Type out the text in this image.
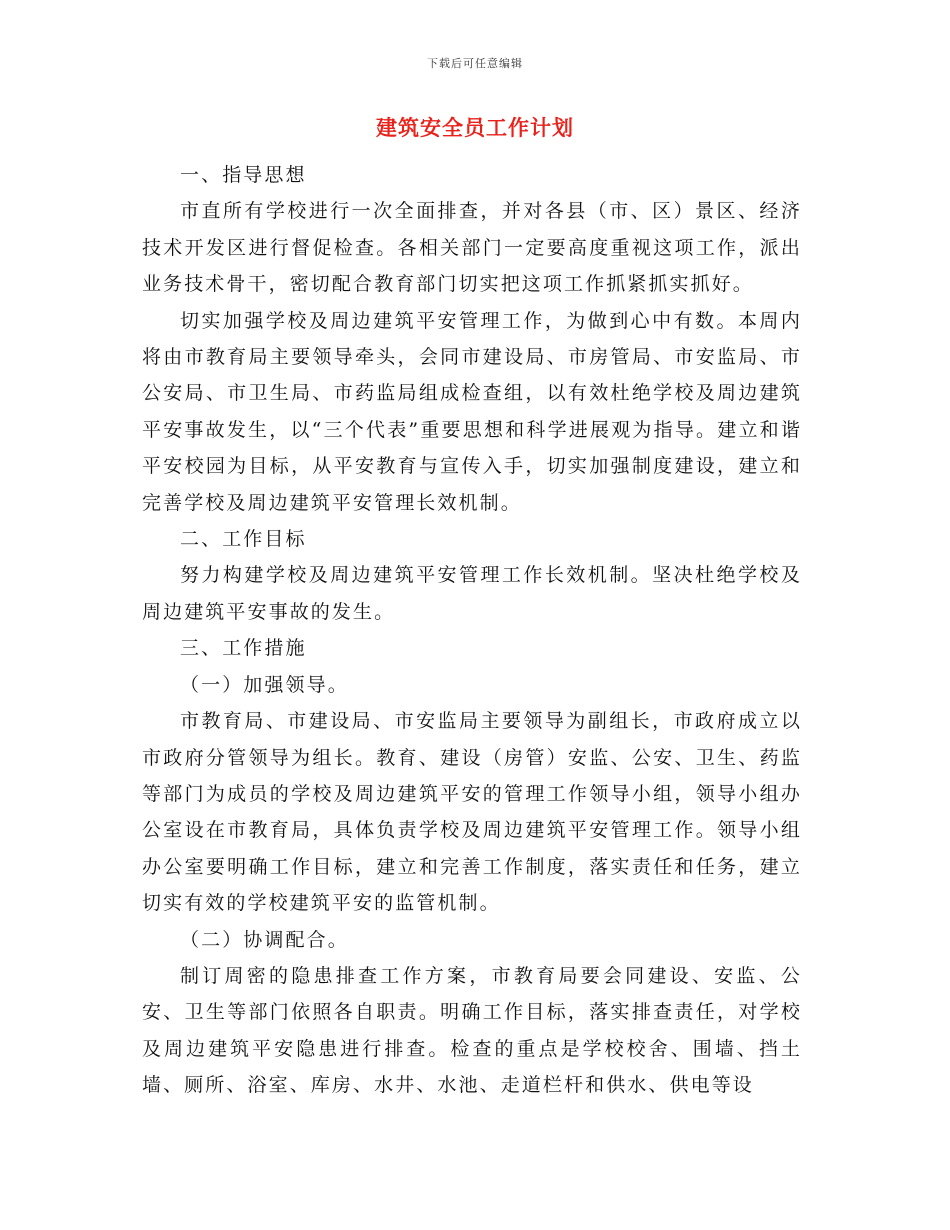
下载后可任意编辑
建筑安全员工作计划

一、指导思想

市直所有学校进行一次全面排查，并对各县（市、区）景区、经济技术开发区进行督促检查。各相关部门一定要高度重视这项工作，派出业务技术骨干，密切配合教育部门切实把这项工作抓紧抓实抓好。

切实加强学校及周边建筑平安管理工作，为做到心中有数。本周内将由市教育局主要领导牵头，会同市建设局、市房管局、市安监局、市公安局、市卫生局、市药监局组成检查组，以有效杜绝学校及周边建筑平安事故发生，以“三个代表”重要思想和科学进展观为指导。建立和谐平安校园为目标，从平安教育与宣传入手，切实加强制度建设，建立和完善学校及周边建筑平安管理长效机制。

二、工作目标

努力构建学校及周边建筑平安管理工作长效机制。坚决杜绝学校及周边建筑平安事故的发生。

三、工作措施

（一）加强领导。

市教育局、市建设局、市安监局主要领导为副组长，市政府成立以市政府分管领导为组长。教育、建设（房管）安监、公安、卫生、药监等部门为成员的学校及周边建筑平安的管理工作领导小组，领导小组办公室设在市教育局，具体负责学校及周边建筑平安管理工作。领导小组办公室要明确工作目标，建立和完善工作制度，落实责任和任务，建立切实有效的学校建筑平安的监管机制。

（二）协调配合。

制订周密的隐患排查工作方案，市教育局要会同建设、安监、公安、卫生等部门依照各自职责。明确工作目标，落实排查责任，对学校及周边建筑平安隐患进行排查。检查的重点是学校校舍、围墙、挡土墙、厕所、浴室、库房、水井、水池、走道栏杆和供水、供电等设
